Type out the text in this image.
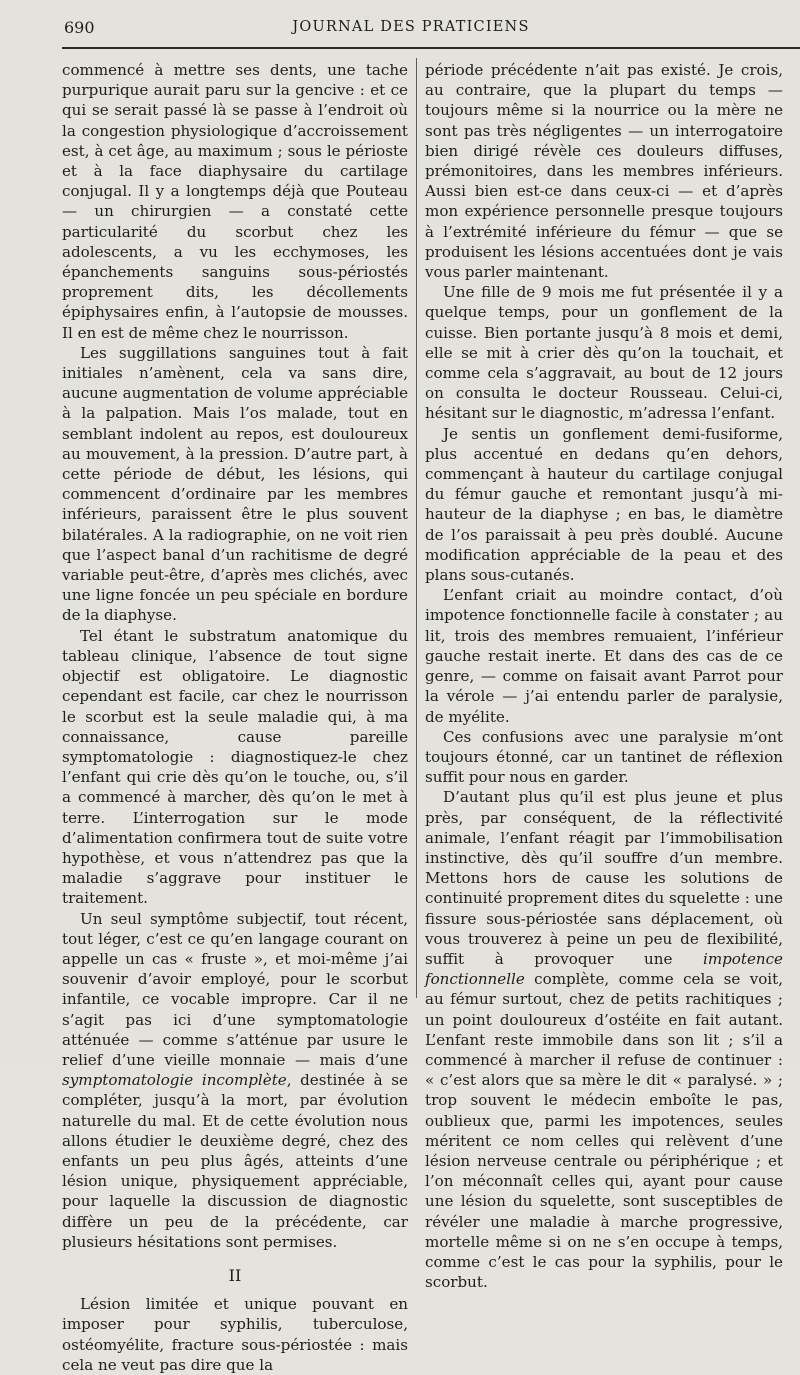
690	JOURNAL DES PRATICIENS

commencé à mettre ses dents, une tache purpurique aurait paru sur la gencive : et ce qui se serait passé là se passe à l’endroit où la congestion physiologique d’accroissement est, à cet âge, au maximum ; sous le périoste et à la face diaphysaire du cartilage conjugal. Il y a longtemps déjà que Pouteau — un chirurgien — a constaté cette particularité du scorbut chez les adolescents, a vu les ecchymoses, les épanchements sanguins sous-périostés proprement dits, les décollements épiphysaires enfin, à l’autopsie de mousses. Il en est de même chez le nourrisson.

Les suggillations sanguines tout à fait initiales n’amènent, cela va sans dire, aucune augmentation de volume appréciable à la palpation. Mais l’os malade, tout en semblant indolent au repos, est douloureux au mouvement, à la pression. D’autre part, à cette période de début, les lésions, qui commencent d’ordinaire par les membres inférieurs, paraissent être le plus souvent bilatérales. A la radiographie, on ne voit rien que l’aspect banal d’un rachitisme de degré variable peut-être, d’après mes clichés, avec une ligne foncée un peu spéciale en bordure de la diaphyse.

Tel étant le substratum anatomique du tableau clinique, l’absence de tout signe objectif est obligatoire. Le diagnostic cependant est facile, car chez le nourrisson le scorbut est la seule maladie qui, à ma connaissance, cause pareille symptomatologie : diagnostiquez-le chez l’enfant qui crie dès qu’on le touche, ou, s’il a commencé à marcher, dès qu’on le met à terre. L’interrogation sur le mode d’alimentation confirmera tout de suite votre hypothèse, et vous n’attendrez pas que la maladie s’aggrave pour instituer le traitement.

Un seul symptôme subjectif, tout récent, tout léger, c’est ce qu’en langage courant on appelle un cas « fruste », et moi-même j’ai souvenir d’avoir employé, pour le scorbut infantile, ce vocable impropre. Car il ne s’agit pas ici d’une symptomatologie atténuée — comme s’atténue par usure le relief d’une vieille monnaie — mais d’une symptomatologie incomplète, destinée à se compléter, jusqu’à la mort, par évolution naturelle du mal. Et de cette évolution nous allons étudier le deuxième degré, chez des enfants un peu plus âgés, atteints d’une lésion unique, physiquement appréciable, pour laquelle la discussion de diagnostic diffère un peu de la précédente, car plusieurs hésitations sont permises.

II

Lésion limitée et unique pouvant en imposer pour syphilis, tuberculose, ostéomyélite, fracture sous-périostée : mais cela ne veut pas dire que la

période précédente n’ait pas existé. Je crois, au contraire, que la plupart du temps — toujours même si la nourrice ou la mère ne sont pas très négligentes — un interrogatoire bien dirigé révèle ces douleurs diffuses, prémonitoires, dans les membres inférieurs. Aussi bien est-ce dans ceux-ci — et d’après mon expérience personnelle presque toujours à l’extrémité inférieure du fémur — que se produisent les lésions accentuées dont je vais vous parler maintenant.

Une fille de 9 mois me fut présentée il y a quelque temps, pour un gonflement de la cuisse. Bien portante jusqu’à 8 mois et demi, elle se mit à crier dès qu’on la touchait, et comme cela s’aggravait, au bout de 12 jours on consulta le docteur Rousseau. Celui-ci, hésitant sur le diagnostic, m’adressa l’enfant.

Je sentis un gonflement demi-fusiforme, plus accentué en dedans qu’en dehors, commençant à hauteur du cartilage conjugal du fémur gauche et remontant jusqu’à mi-hauteur de la diaphyse ; en bas, le diamètre de l’os paraissait à peu près doublé. Aucune modification appréciable de la peau et des plans sous-cutanés.

L’enfant criait au moindre contact, d’où impotence fonctionnelle facile à constater ; au lit, trois des membres remuaient, l’inférieur gauche restait inerte. Et dans des cas de ce genre, — comme on faisait avant Parrot pour la vérole — j’ai entendu parler de paralysie, de myélite.

Ces confusions avec une paralysie m’ont toujours étonné, car un tantinet de réflexion suffit pour nous en garder.

D’autant plus qu’il est plus jeune et plus près, par conséquent, de la réflectivité animale, l’enfant réagit par l’immobilisation instinctive, dès qu’il souffre d’un membre. Mettons hors de cause les solutions de continuité proprement dites du squelette : une fissure sous-périostée sans déplacement, où vous trouverez à peine un peu de flexibilité, suffit à provoquer une impotence fonctionnelle complète, comme cela se voit, au fémur surtout, chez de petits rachitiques ; un point douloureux d’ostéite en fait autant. L’enfant reste immobile dans son lit ; s’il a commencé à marcher il refuse de continuer : « c’est alors que sa mère le dit « paralysé. » ; trop souvent le médecin emboîte le pas, oublieux que, parmi les impotences, seules méritent ce nom celles qui relèvent d’une lésion nerveuse centrale ou périphérique ; et l’on méconnaît celles qui, ayant pour cause une lésion du squelette, sont susceptibles de révéler une maladie à marche progressive, mortelle même si on ne s’en occupe à temps, comme c’est le cas pour la syphilis, pour le scorbut.
